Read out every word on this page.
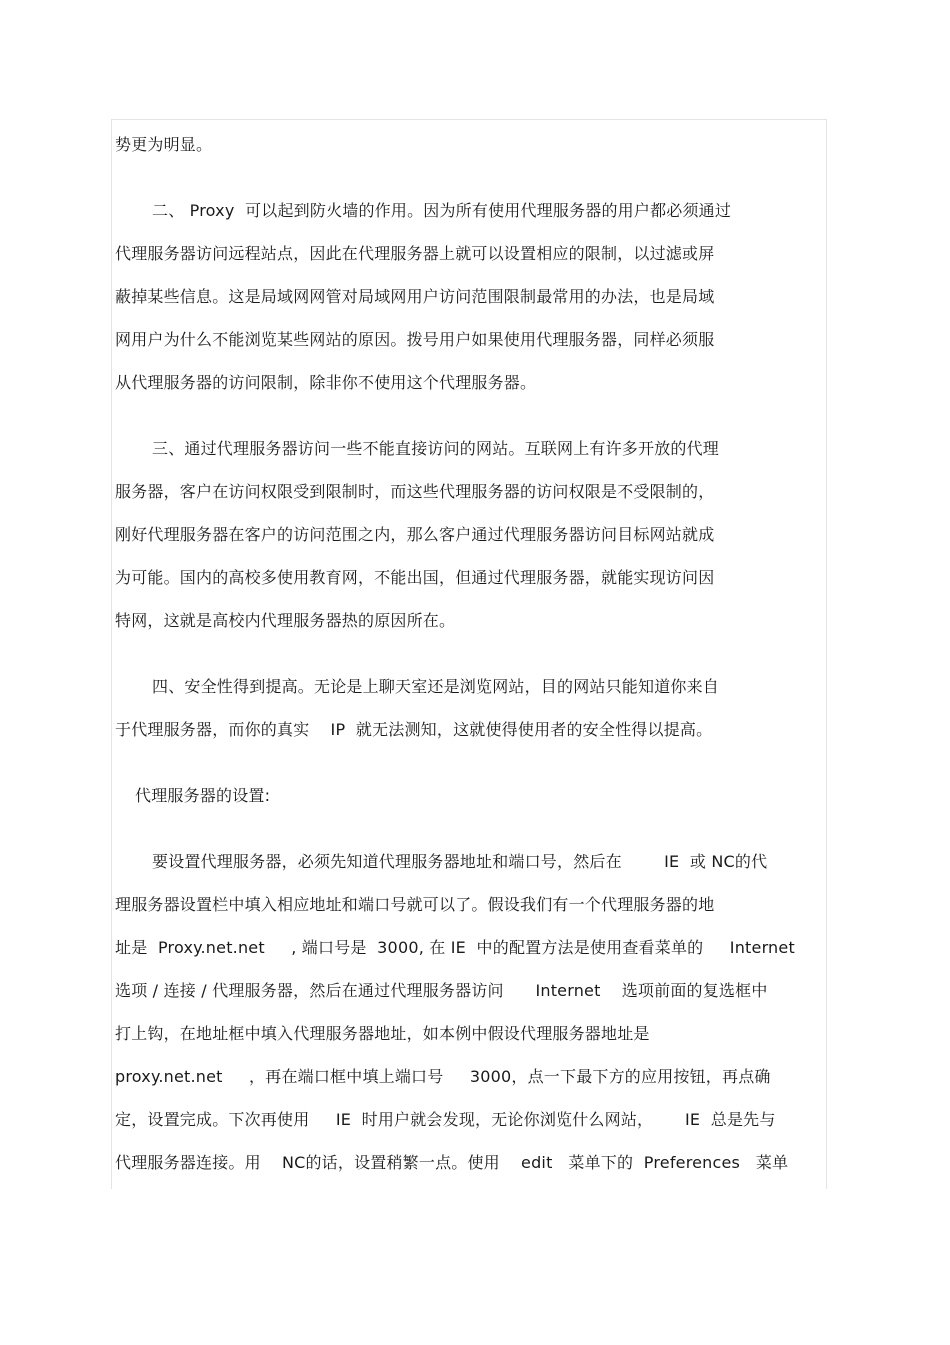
势更为明显。
二、 Proxy  可以起到防火墙的作用。因为所有使用代理服务器的用户都必须通过
代理服务器访问远程站点，因此在代理服务器上就可以设置相应的限制，以过滤或屏
蔽掉某些信息。这是局域网网管对局域网用户访问范围限制最常用的办法，也是局域
网用户为什么不能浏览某些网站的原因。拨号用户如果使用代理服务器，同样必须服
从代理服务器的访问限制，除非你不使用这个代理服务器。
三、通过代理服务器访问一些不能直接访问的网站。互联网上有许多开放的代理
服务器，客户在访问权限受到限制时，而这些代理服务器的访问权限是不受限制的，
刚好代理服务器在客户的访问范围之内，那么客户通过代理服务器访问目标网站就成
为可能。国内的高校多使用教育网，不能出国，但通过代理服务器，就能实现访问因
特网，这就是高校内代理服务器热的原因所在。
四、安全性得到提高。无论是上聊天室还是浏览网站，目的网站只能知道你来自
于代理服务器，而你的真实    IP  就无法测知，这就使得使用者的安全性得以提高。
代理服务器的设置:
要设置代理服务器，必须先知道代理服务器地址和端口号，然后在        IE  或 NC的代
理服务器设置栏中填入相应地址和端口号就可以了。假设我们有一个代理服务器的地
址是  Proxy.net.net     , 端口号是  3000, 在 IE  中的配置方法是使用查看菜单的     Internet
选项 / 连接 / 代理服务器，然后在通过代理服务器访问      Internet    选项前面的复选框中
打上钩，在地址框中填入代理服务器地址，如本例中假设代理服务器地址是
proxy.net.net     ，再在端口框中填上端口号     3000，点一下最下方的应用按钮，再点确
定，设置完成。下次再使用     IE  时用户就会发现，无论你浏览什么网站，      IE  总是先与
代理服务器连接。用    NC的话，设置稍繁一点。使用    edit   菜单下的  Preferences   菜单
